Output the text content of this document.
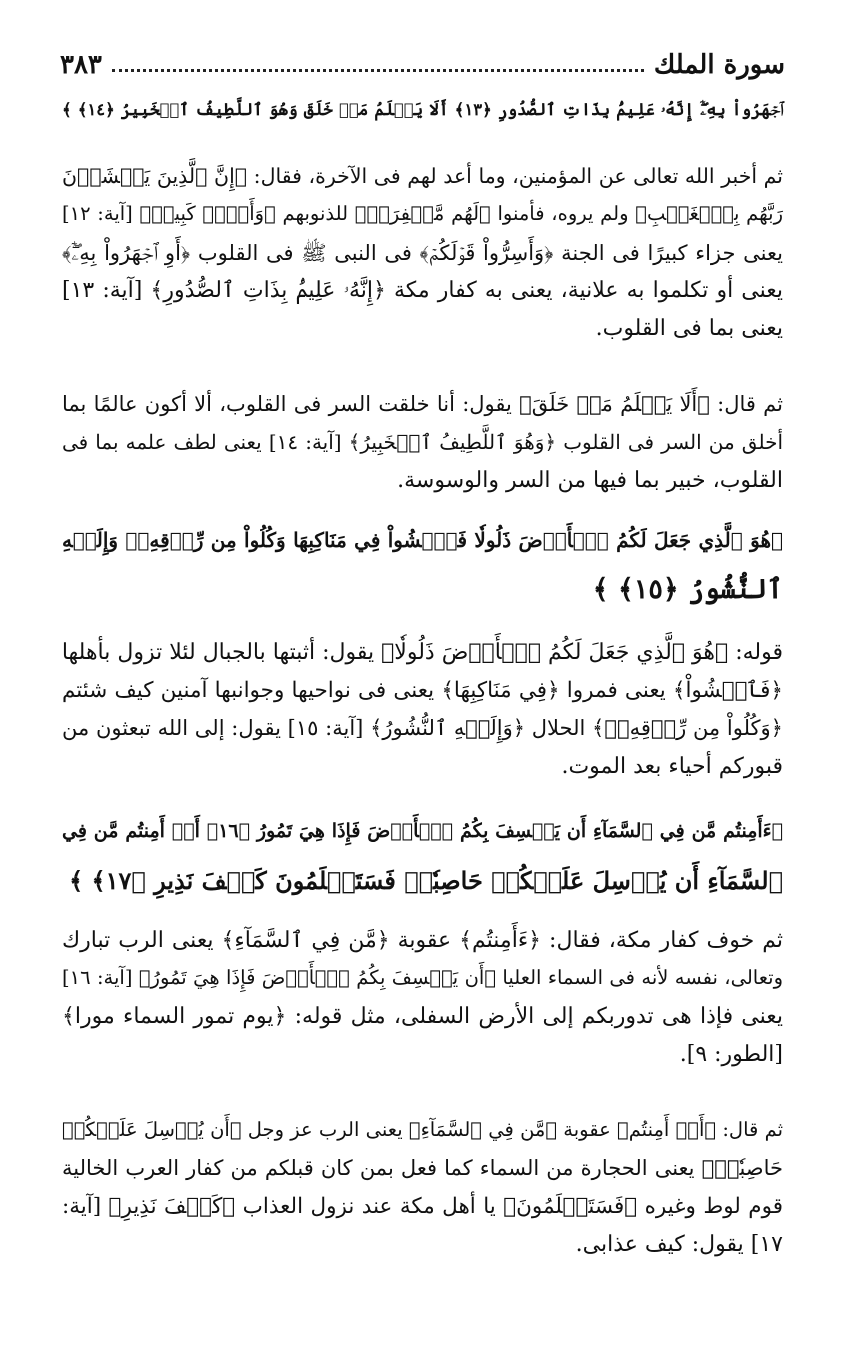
سورة الملك
٣٨٣
ﭐجۡهَرُواْ بِهِۦٓۖ إِنَّهُۥ عَلِيمُۢ بِذَاتِ ٱلصُّدُورِ ﴿١٣﴾ أَلَا يَعۡلَمُ مَنۡ خَلَقَ وَهُوَ ٱللَّطِيفُ ٱلۡخَبِيرُ ﴿١٤﴾ ﴾
ثم أخبر الله تعالى عن المؤمنين، وما أعد لهم فى الآخرة، فقال: ﴿إِنَّ ٱلَّذِينَ يَخۡشَوۡنَ
رَبَّهُم بِٱلۡغَيۡبِ﴾ ولم يروه، فأمنوا ﴿لَهُم مَّغۡفِرَةٞ﴾ للذنوبهم ﴿وَأَجۡرٞ كَبِيرٞ﴾ [آية: ١٢]
يعنى جزاء كبيرًا فى الجنة ﴿وَأَسِرُّواْ قَوۡلَكُمۡ﴾ فى النبى ﷺ فى القلوب ﴿أَوِ ٱجۡهَرُواْ بِهِۦٓۖ﴾
يعنى أو تكلموا به علانية، يعنى به كفار مكة ﴿إِنَّهُۥ عَلِيمُۢ بِذَاتِ ٱلصُّدُورِ﴾ [آية: ١٣]
يعنى بما فى القلوب.
ثم قال: ﴿أَلَا يَعۡلَمُ مَنۡ خَلَقَ﴾ يقول: أنا خلقت السر فى القلوب، ألا أكون عالمًا بما
أخلق من السر فى القلوب ﴿وَهُوَ ٱللَّطِيفُ ٱلۡخَبِيرُ﴾ [آية: ١٤] يعنى لطف علمه بما فى
القلوب، خبير بما فيها من السر والوسوسة.
﴿هُوَ ٱلَّذِي جَعَلَ لَكُمُ ٱلۡأَرۡضَ ذَلُولٗا فَٱمۡشُواْ فِي مَنَاكِبِهَا وَكُلُواْ مِن رِّزۡقِهِۦۖ وَإِلَيۡهِ
ٱلنُّشُورُ ﴿١٥﴾ ﴾
قوله: ﴿هُوَ ٱلَّذِي جَعَلَ لَكُمُ ٱلۡأَرۡضَ ذَلُولٗا﴾ يقول: أثبتها بالجبال لئلا تزول بأهلها
﴿فَٱمۡشُواْ﴾ يعنى فمروا ﴿فِي مَنَاكِبِهَا﴾ يعنى فى نواحيها وجوانبها آمنين كيف شئتم
﴿وَكُلُواْ مِن رِّزۡقِهِۦۖ﴾ الحلال ﴿وَإِلَيۡهِ ٱلنُّشُورُ﴾ [آية: ١٥] يقول: إلى الله تبعثون من
قبوركم أحياء بعد الموت.
﴿ءَأَمِنتُم مَّن فِي ٱلسَّمَآءِ أَن يَخۡسِفَ بِكُمُ ٱلۡأَرۡضَ فَإِذَا هِيَ تَمُورُ ﴿١٦﴾ أَمۡ أَمِنتُم مَّن فِي
ٱلسَّمَآءِ أَن يُرۡسِلَ عَلَيۡكُمۡ حَاصِبٗاۖ فَسَتَعۡلَمُونَ كَيۡفَ نَذِيرِ ﴿١٧﴾ ﴾
ثم خوف كفار مكة، فقال: ﴿ءَأَمِنتُم﴾ عقوبة ﴿مَّن فِي ٱلسَّمَآءِ﴾ يعنى الرب تبارك
وتعالى، نفسه لأنه فى السماء العليا ﴿أَن يَخۡسِفَ بِكُمُ ٱلۡأَرۡضَ فَإِذَا هِيَ تَمُورُ﴾ [آية: ١٦]
يعنى فإذا هى تدوربكم إلى الأرض السفلى، مثل قوله: ﴿يوم تمور السماء مورا﴾
[الطور: ٩].
ثم قال: ﴿أَمۡ أَمِنتُم﴾ عقوبة ﴿مَّن فِي ٱلسَّمَآءِ﴾ يعنى الرب عز وجل ﴿أَن يُرۡسِلَ عَلَيۡكُمۡ
حَاصِبٗاۖ﴾ يعنى الحجارة من السماء كما فعل بمن كان قبلكم من كفار العرب الخالية
قوم لوط وغيره ﴿فَسَتَعۡلَمُونَ﴾ يا أهل مكة عند نزول العذاب ﴿كَيۡفَ نَذِيرِ﴾ [آية:
١٧] يقول: كيف عذابى.
